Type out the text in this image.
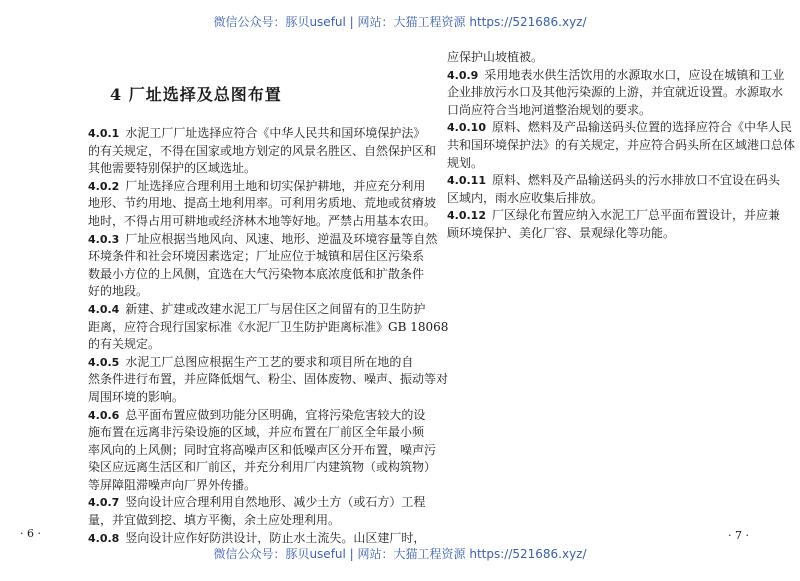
微信公众号：豚贝useful | 网站：大猫工程资源 https://521686.xyz/
微信公众号：豚贝useful | 网站：大猫工程资源 https://521686.xyz/
4 厂址选择及总图布置
4.0.1 水泥工厂厂址选择应符合《中华人民共和国环境保护法》
的有关规定，不得在国家或地方划定的风景名胜区、自然保护区和
其他需要特别保护的区域选址。
4.0.2 厂址选择应合理利用土地和切实保护耕地，并应充分利用
地形、节约用地、提高土地利用率。可利用劣质地、荒地或贫瘠坡
地时，不得占用可耕地或经济林木地等好地。严禁占用基本农田。
4.0.3 厂址应根据当地风向、风速、地形、逆温及环境容量等自然
环境条件和社会环境因素选定；厂址应位于城镇和居住区污染系
数最小方位的上风侧，宜选在大气污染物本底浓度低和扩散条件
好的地段。
4.0.4 新建、扩建或改建水泥工厂与居住区之间留有的卫生防护
距离，应符合现行国家标准《水泥厂卫生防护距离标准》GB 18068
的有关规定。
4.0.5 水泥工厂总图应根据生产工艺的要求和项目所在地的自
然条件进行布置，并应降低烟气、粉尘、固体废物、噪声、振动等对
周围环境的影响。
4.0.6 总平面布置应做到功能分区明确，宜将污染危害较大的设
施布置在远离非污染设施的区域，并应布置在厂前区全年最小频
率风向的上风侧；同时宜将高噪声区和低噪声区分开布置，噪声污
染区应远离生活区和厂前区，并充分利用厂内建筑物（或构筑物）
等屏障阻滞噪声向厂界外传播。
4.0.7 竖向设计应合理利用自然地形、减少土方（或石方）工程
量，并宜做到挖、填方平衡，余土应处理利用。
4.0.8 竖向设计应作好防洪设计，防止水土流失。山区建厂时，
应保护山坡植被。
4.0.9 采用地表水供生活饮用的水源取水口，应设在城镇和工业
企业排放污水口及其他污染源的上游，并宜就近设置。水源取水
口尚应符合当地河道整治规划的要求。
4.0.10 原料、燃料及产品输送码头位置的选择应符合《中华人民
共和国环境保护法》的有关规定，并应符合码头所在区域港口总体
规划。
4.0.11 原料、燃料及产品输送码头的污水排放口不宜设在码头
区域内，雨水应收集后排放。
4.0.12 厂区绿化布置应纳入水泥工厂总平面布置设计，并应兼
顾环境保护、美化厂容、景观绿化等功能。
· 6 ·	· 7 ·
